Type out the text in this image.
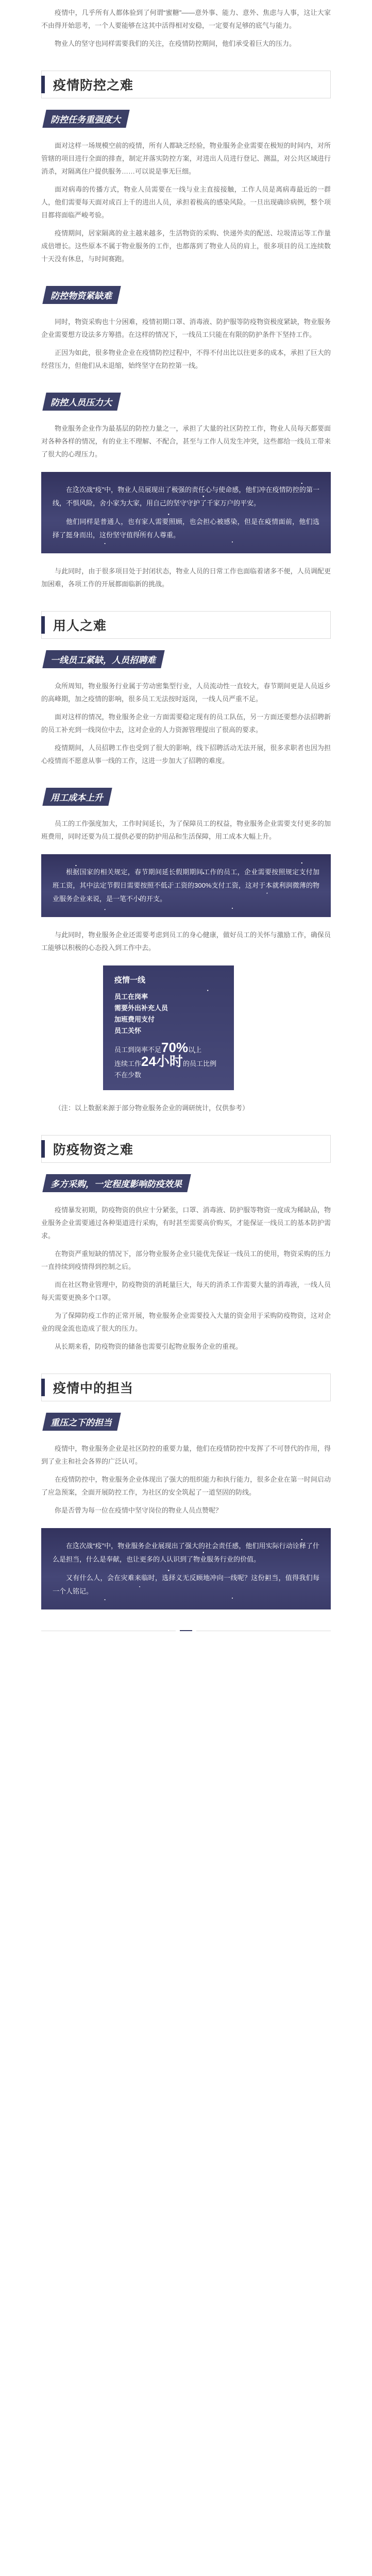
疫情中，几乎所有人都体验到了何谓“蜜糖”——意外事、能力、意外、焦虑与人事，这让大家不由得开始思考，一个人要能够在这其中活得相对安稳，一定要有足够的底气与能力。

物业人的坚守也同样需要我们的关注，在疫情防控期间，他们承受着巨大的压力。

疫情防控之难
防控任务重强度大

面对这样一场规模空前的疫情，所有人都缺乏经验，物业服务企业需要在极短的时间内，对所管辖的项目进行全面的排查，制定并落实防控方案，对进出人员进行登记、测温，对公共区域进行消杀，对隔离住户提供服务……可以说是事无巨细。

面对病毒的传播方式，物业人员需要在一线与业主直接接触，工作人员是离病毒最近的一群人，他们需要每天面对成百上千的进出人员，承担着极高的感染风险。一旦出现确诊病例，整个项目都将面临严峻考验。

疫情期间，居家隔离的业主越来越多，生活物资的采购、快递外卖的配送、垃圾清运等工作量成倍增长。这些原本不属于物业服务的工作，也都落到了物业人员的肩上，很多项目的员工连续数十天没有休息，与时间赛跑。

防控物资紧缺难

同时，物资采购也十分困难，疫情初期口罩、消毒液、防护服等防疫物资极度紧缺，物业服务企业需要想方设法多方筹措。在这样的情况下，一线员工只能在有限的防护条件下坚持工作。

正因为如此，很多物业企业在疫情防控过程中，不得不付出比以往更多的成本，承担了巨大的经营压力，但他们从未退缩，始终坚守在防控第一线。

防控人员压力大

物业服务企业作为最基层的防控力量之一，承担了大量的社区防控工作，物业人员每天都要面对各种各样的情况，有的业主不理解、不配合，甚至与工作人员发生冲突，这些都给一线员工带来了很大的心理压力。

在这次战“疫”中，物业人员展现出了极强的责任心与使命感，他们冲在疫情防控的第一线，不惧风险，舍小家为大家，用自己的坚守守护了千家万户的平安。

他们同样是普通人，也有家人需要照顾，也会担心被感染，但是在疫情面前，他们选择了挺身而出，这份坚守值得所有人尊重。

与此同时，由于很多项目处于封闭状态，物业人员的日常工作也面临着诸多不便，人员调配更加困难，各项工作的开展都面临新的挑战。

用人之难
一线员工紧缺，人员招聘难

众所周知，物业服务行业属于劳动密集型行业，人员流动性一直较大，春节期间更是人员返乡的高峰期，加之疫情的影响，很多员工无法按时返岗，一线人员严重不足。

面对这样的情况，物业服务企业一方面需要稳定现有的员工队伍，另一方面还要想办法招聘新的员工补充到一线岗位中去，这对企业的人力资源管理提出了很高的要求。

疫情期间，人员招聘工作也受到了很大的影响，线下招聘活动无法开展，很多求职者也因为担心疫情而不愿意从事一线的工作，这进一步加大了招聘的难度。

用工成本上升

员工的工作强度加大，工作时间延长，为了保障员工的权益，物业服务企业需要支付更多的加班费用，同时还要为员工提供必要的防护用品和生活保障，用工成本大幅上升。

根据国家的相关规定，春节期间延长假期期间工作的员工，企业需要按照规定支付加班工资，其中法定节假日需要按照不低于工资的300%支付工资，这对于本就利润微薄的物业服务企业来说，是一笔不小的开支。

与此同时，物业服务企业还需要考虑到员工的身心健康，做好员工的关怀与激励工作，确保员工能够以积极的心态投入到工作中去。

疫情一线
员工在岗率
需要外出补充人员
加班费用支付
员工关怀
员工到岗率不足70%以上
连续工作24小时的员工比例不在少数

（注：以上数据来源于部分物业服务企业的调研统计，仅供参考）

防疫物资之难
多方采购，一定程度影响防疫效果

疫情暴发初期，防疫物资的供应十分紧张，口罩、消毒液、防护服等物资一度成为稀缺品，物业服务企业需要通过各种渠道进行采购，有时甚至需要高价购买，才能保证一线员工的基本防护需求。

在物资严重短缺的情况下，部分物业服务企业只能优先保证一线员工的使用，物资采购的压力一直持续到疫情得到控制之后。

而在社区物业管理中，防疫物资的消耗量巨大，每天的消杀工作需要大量的消毒液，一线人员每天需要更换多个口罩。

为了保障防疫工作的正常开展，物业服务企业需要投入大量的资金用于采购防疫物资，这对企业的现金流也造成了很大的压力。

从长期来看，防疫物资的储备也需要引起物业服务企业的重视。

疫情中的担当
重压之下的担当

疫情中，物业服务企业是社区防控的重要力量，他们在疫情防控中发挥了不可替代的作用，得到了业主和社会各界的广泛认可。

在疫情防控中，物业服务企业体现出了强大的组织能力和执行能力，很多企业在第一时间启动了应急预案，全面开展防控工作，为社区的安全筑起了一道坚固的防线。

你是否曾为每一位在疫情中坚守岗位的物业人员点赞呢？

在这次战“疫”中，物业服务企业展现出了强大的社会责任感，他们用实际行动诠释了什么是担当，什么是奉献，也让更多的人认识到了物业服务行业的价值。

又有什么人，会在灾难来临时，选择义无反顾地冲向一线呢？这份担当，值得我们每一个人铭记。
